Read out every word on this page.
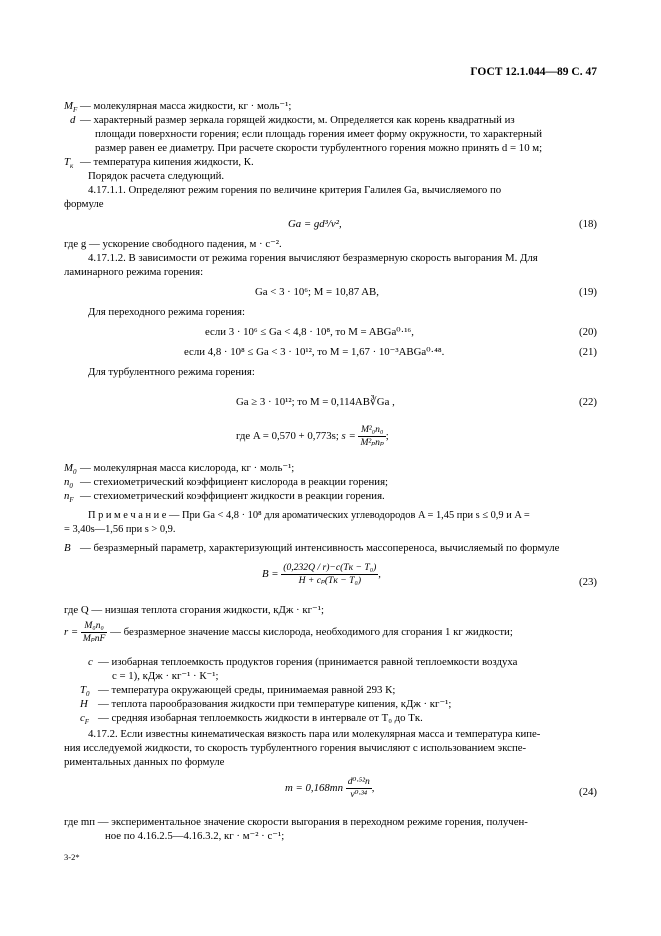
ГОСТ 12.1.044—89 С. 47
$M_F$ — молекулярная масса жидкости, кг · моль⁻¹;
d — характерный размер зеркала горящей жидкости, м. Определяется как корень квадратный из
площади поверхности горения; если площадь горения имеет форму окружности, то характерный
размер равен ее диаметру. При расчете скорости турбулентного горения можно принять d = 10 м;
$T_к$ — температура кипения жидкости, К.
Порядок расчета следующий.
4.17.1.1. Определяют режим горения по величине критерия Галилея Ga, вычисляемого по
формуле
Ga = gd³/ν²,	(18)
где g — ускорение свободного падения, м · с⁻².
4.17.1.2. В зависимости от режима горения вычисляют безразмерную скорость выгорания M. Для
ламинарного режима горения:
Ga < 3 · 10⁶; M = 10,87 AB,	(19)
Для переходного режима горения:
если 3 · 10⁶ ≤ Ga < 4,8 · 10⁸, то M = ABGa⁰·¹⁶,	(20)
если 4,8 · 10⁸ ≤ Ga < 3 · 10¹², то M = 1,67 · 10⁻³ABGa⁰·⁴⁸.	(21)
Для турбулентного режима горения:
Ga ≥ 3 · 10¹²; то M = 0,114AB∛Ga ,	(22)
где A = 0,570 + 0,773s; $s = \frac{\text{M²₀n₀}}{\text{M²ₚnₚ}}$ ;
$M_0$ — молекулярная масса кислорода, кг · моль⁻¹;
$n_0$ — стехиометрический коэффициент кислорода в реакции горения;
$n_F$ — стехиометрический коэффициент жидкости в реакции горения.
П р и м е ч а н и е — При Ga < 4,8 · 10⁸ для ароматических углеводородов A = 1,45 при s ≤ 0,9 и A =
= 3,40s—1,56 при s > 0,9.
B — безразмерный параметр, характеризующий интенсивность массопереноса, вычисляемый по формуле
$B = \frac{\text{(0,232Q / r)−c(Tк − T₀)}}{\text{H + cₚ(Tк − T₀)}}$ ,
(23)
где Q — низшая теплота сгорания жидкости, кДж · кг⁻¹;
$r = \frac{\text{M₀n₀}}{\text{MₚnF}}$ — безразмерное значение массы кислорода, необходимого для сгорания 1 кг жидкости;
c — изобарная теплоемкость продуктов горения (принимается равной теплоемкости воздуха
c = 1), кДж · кг⁻¹ · К⁻¹;
$T_0$ — температура окружающей среды, принимаемая равной 293 К;
H — теплота парообразования жидкости при температуре кипения, кДж · кг⁻¹;
$c_F$ — средняя изобарная теплоемкость жидкости в интервале от T₀ до Tк.
4.17.2. Если известны кинематическая вязкость пара или молекулярная масса и температура кипе-
ния исследуемой жидкости, то скорость турбулентного горения вычисляют с использованием экспе-
риментальных данных по формуле
$m = 0,168mп \frac{\text{d⁰·⁵²п}}{\text{ν⁰·³⁴}}$ ,	(24)
где mп — экспериментальное значение скорости выгорания в переходном режиме горения, получен-
ное по 4.16.2.5—4.16.3.2, кг · м⁻² · с⁻¹;
3-2*
